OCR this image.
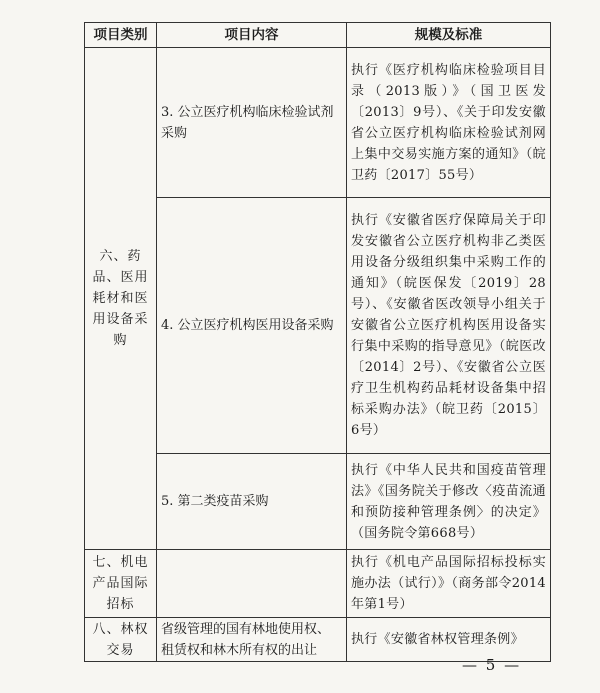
项目类别	项目内容	规模及标准
六、药品、医用耗材和医用设备采购	3. 公立医疗机构临床检验试剂采购	执行《医疗机构临床检验项目目录（2013版）》（国卫医发〔2013〕9号）、《关于印发安徽省公立医疗机构临床检验试剂网上集中交易实施方案的通知》（皖卫药〔2017〕55号）
	4. 公立医疗机构医用设备采购	执行《安徽省医疗保障局关于印发安徽省公立医疗机构非乙类医用设备分级组织集中采购工作的通知》（皖医保发〔2019〕28号）、《安徽省医改领导小组关于安徽省公立医疗机构医用设备实行集中采购的指导意见》（皖医改〔2014〕2号）、《安徽省公立医疗卫生机构药品耗材设备集中招标采购办法》（皖卫药〔2015〕6号）
	5. 第二类疫苗采购	执行《中华人民共和国疫苗管理法》《国务院关于修改〈疫苗流通和预防接种管理条例〉的决定》（国务院令第668号）
七、机电产品国际招标		执行《机电产品国际招标投标实施办法（试行）》（商务部令2014年第1号）
八、林权交易	省级管理的国有林地使用权、租赁权和林木所有权的出让	执行《安徽省林权管理条例》
— 5 —
